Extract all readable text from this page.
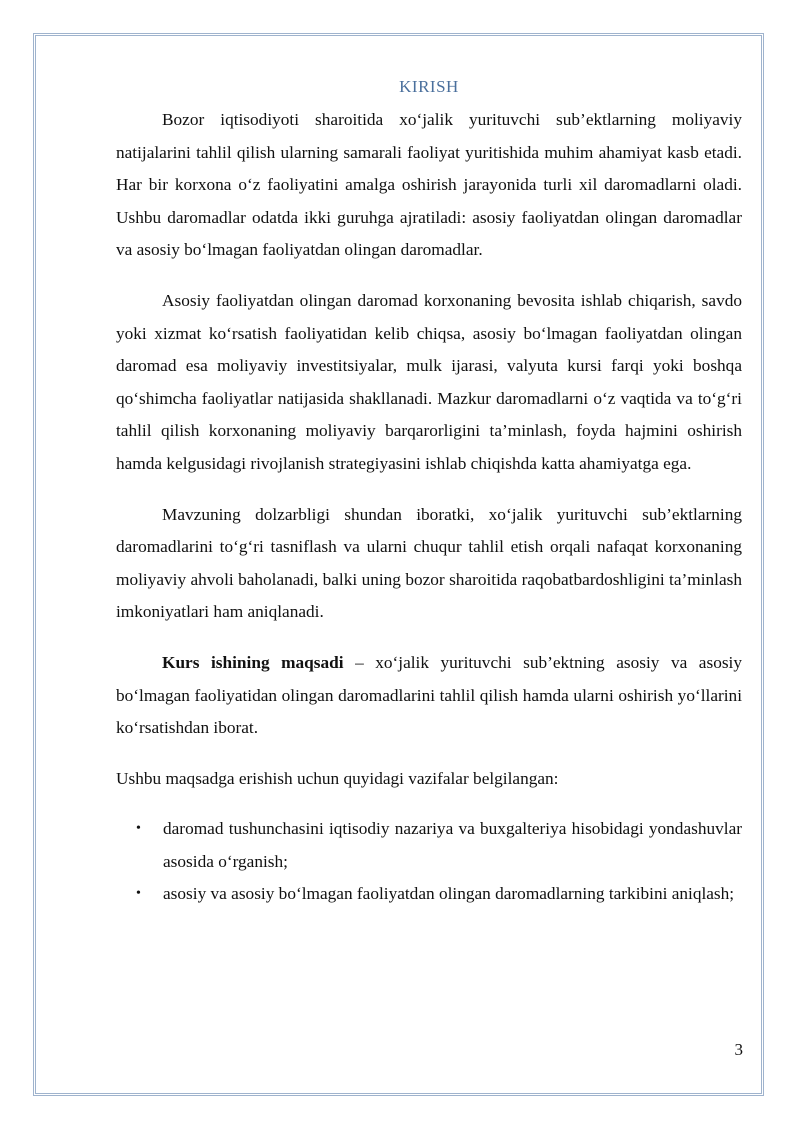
KIRISH

Bozor iqtisodiyoti sharoitida xo‘jalik yurituvchi sub’ektlarning moliyaviy natijalarini tahlil qilish ularning samarali faoliyat yuritishida muhim ahamiyat kasb etadi. Har bir korxona o‘z faoliyatini amalga oshirish jarayonida turli xil daromadlarni oladi. Ushbu daromadlar odatda ikki guruhga ajratiladi: asosiy faoliyatdan olingan daromadlar va asosiy bo‘lmagan faoliyatdan olingan daromadlar.

Asosiy faoliyatdan olingan daromad korxonaning bevosita ishlab chiqarish, savdo yoki xizmat ko‘rsatish faoliyatidan kelib chiqsa, asosiy bo‘lmagan faoliyatdan olingan daromad esa moliyaviy investitsiyalar, mulk ijarasi, valyuta kursi farqi yoki boshqa qo‘shimcha faoliyatlar natijasida shakllanadi. Mazkur daromadlarni o‘z vaqtida va to‘g‘ri tahlil qilish korxonaning moliyaviy barqarorligini ta’minlash, foyda hajmini oshirish hamda kelgusidagi rivojlanish strategiyasini ishlab chiqishda katta ahamiyatga ega.

Mavzuning dolzarbligi shundan iboratki, xo‘jalik yurituvchi sub’ektlarning daromadlarini to‘g‘ri tasniflash va ularni chuqur tahlil etish orqali nafaqat korxonaning moliyaviy ahvoli baholanadi, balki uning bozor sharoitida raqobatbardoshligini ta’minlash imkoniyatlari ham aniqlanadi.

Kurs ishining maqsadi – xo‘jalik yurituvchi sub’ektning asosiy va asosiy bo‘lmagan faoliyatidan olingan daromadlarini tahlil qilish hamda ularni oshirish yo‘llarini ko‘rsatishdan iborat.

Ushbu maqsadga erishish uchun quyidagi vazifalar belgilangan:

• daromad tushunchasini iqtisodiy nazariya va buxgalteriya hisobidagi yondashuvlar asosida o‘rganish;
• asosiy va asosiy bo‘lmagan faoliyatdan olingan daromadlarning tarkibini aniqlash;
3
